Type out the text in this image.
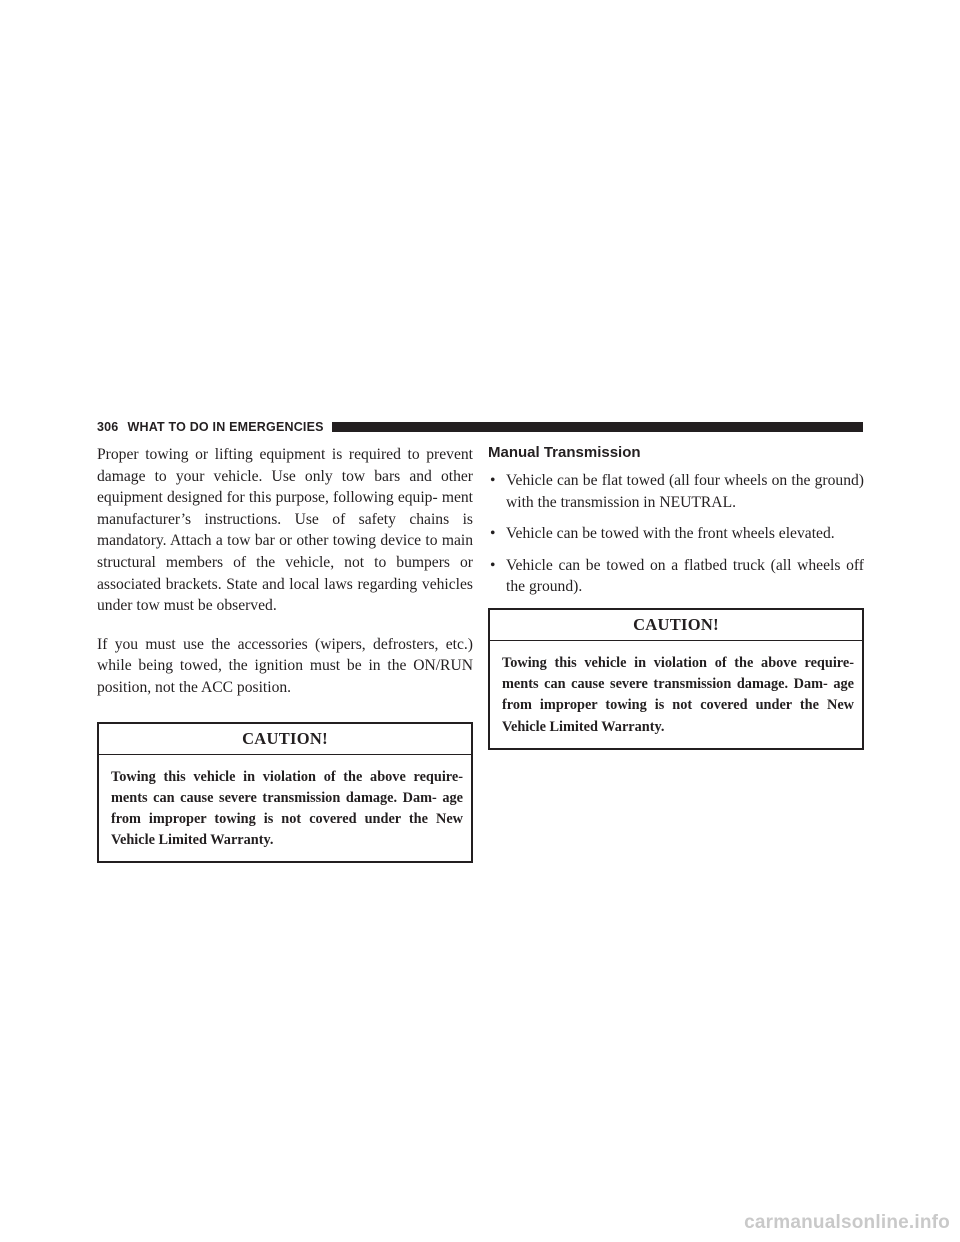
306 WHAT TO DO IN EMERGENCIES

Proper towing or lifting equipment is required to prevent damage to your vehicle. Use only tow bars and other equipment designed for this purpose, following equip- ment manufacturer’s instructions. Use of safety chains is mandatory. Attach a tow bar or other towing device to main structural members of the vehicle, not to bumpers or associated brackets. State and local laws regarding vehicles under tow must be observed.

If you must use the accessories (wipers, defrosters, etc.) while being towed, the ignition must be in the ON/RUN position, not the ACC position.

CAUTION!
Towing this vehicle in violation of the above require- ments can cause severe transmission damage. Dam- age from improper towing is not covered under the New Vehicle Limited Warranty.
Manual Transmission
• Vehicle can be flat towed (all four wheels on the ground) with the transmission in NEUTRAL.
• Vehicle can be towed with the front wheels elevated.
• Vehicle can be towed on a flatbed truck (all wheels off the ground).
CAUTION!
Towing this vehicle in violation of the above require- ments can cause severe transmission damage. Dam- age from improper towing is not covered under the New Vehicle Limited Warranty.
carmanualsonline.info
